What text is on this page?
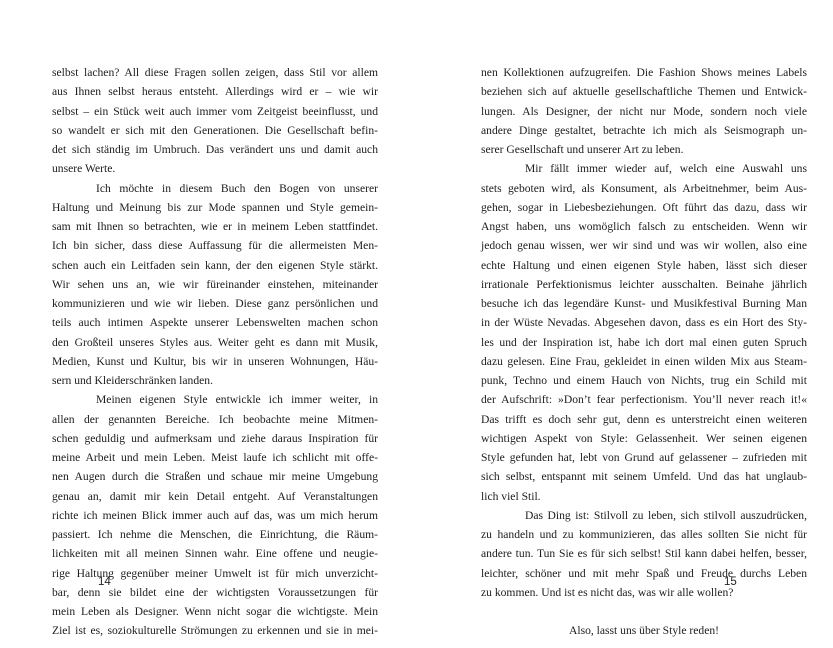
selbst lachen? All diese Fragen sollen zeigen, dass Stil vor allem
aus Ihnen selbst heraus entsteht. Allerdings wird er – wie wir
selbst – ein Stück weit auch immer vom Zeitgeist beeinflusst, und
so wandelt er sich mit den Generationen. Die Gesellschaft befin-
det sich ständig im Umbruch. Das verändert uns und damit auch
unsere Werte.
Ich möchte in diesem Buch den Bogen von unserer
Haltung und Meinung bis zur Mode spannen und Style gemein-
sam mit Ihnen so betrachten, wie er in meinem Leben stattfindet.
Ich bin sicher, dass diese Auffassung für die allermeisten Men-
schen auch ein Leitfaden sein kann, der den eigenen Style stärkt.
Wir sehen uns an, wie wir füreinander einstehen, miteinander
kommunizieren und wie wir lieben. Diese ganz persönlichen und
teils auch intimen Aspekte unserer Lebenswelten machen schon
den Großteil unseres Styles aus. Weiter geht es dann mit Musik,
Medien, Kunst und Kultur, bis wir in unseren Wohnungen, Häu-
sern und Kleiderschränken landen.
Meinen eigenen Style entwickle ich immer weiter, in
allen der genannten Bereiche. Ich beobachte meine Mitmen-
schen geduldig und aufmerksam und ziehe daraus Inspiration für
meine Arbeit und mein Leben. Meist laufe ich schlicht mit offe-
nen Augen durch die Straßen und schaue mir meine Umgebung
genau an, damit mir kein Detail entgeht. Auf Veranstaltungen
richte ich meinen Blick immer auch auf das, was um mich herum
passiert. Ich nehme die Menschen, die Einrichtung, die Räum-
lichkeiten mit all meinen Sinnen wahr. Eine offene und neugie-
rige Haltung gegenüber meiner Umwelt ist für mich unverzicht-
bar, denn sie bildet eine der wichtigsten Voraussetzungen für
mein Leben als Designer. Wenn nicht sogar die wichtigste. Mein
Ziel ist es, soziokulturelle Strömungen zu erkennen und sie in mei-
14
nen Kollektionen aufzugreifen. Die Fashion Shows meines Labels
beziehen sich auf aktuelle gesellschaftliche Themen und Entwick-
lungen. Als Designer, der nicht nur Mode, sondern noch viele
andere Dinge gestaltet, betrachte ich mich als Seismograph un-
serer Gesellschaft und unserer Art zu leben.
Mir fällt immer wieder auf, welch eine Auswahl uns
stets geboten wird, als Konsument, als Arbeitnehmer, beim Aus-
gehen, sogar in Liebesbeziehungen. Oft führt das dazu, dass wir
Angst haben, uns womöglich falsch zu entscheiden. Wenn wir
jedoch genau wissen, wer wir sind und was wir wollen, also eine
echte Haltung und einen eigenen Style haben, lässt sich dieser
irrationale Perfektionismus leichter ausschalten. Beinahe jährlich
besuche ich das legendäre Kunst- und Musikfestival Burning Man
in der Wüste Nevadas. Abgesehen davon, dass es ein Hort des Sty-
les und der Inspiration ist, habe ich dort mal einen guten Spruch
dazu gelesen. Eine Frau, gekleidet in einen wilden Mix aus Steam-
punk, Techno und einem Hauch von Nichts, trug ein Schild mit
der Aufschrift: »Don’t fear perfectionism. You’ll never reach it!«
Das trifft es doch sehr gut, denn es unterstreicht einen weiteren
wichtigen Aspekt von Style: Gelassenheit. Wer seinen eigenen
Style gefunden hat, lebt von Grund auf gelassener – zufrieden mit
sich selbst, entspannt mit seinem Umfeld. Und das hat unglaub-
lich viel Stil.
Das Ding ist: Stilvoll zu leben, sich stilvoll auszudrücken,
zu handeln und zu kommunizieren, das alles sollten Sie nicht für
andere tun. Tun Sie es für sich selbst! Stil kann dabei helfen, besser,
leichter, schöner und mit mehr Spaß und Freude durchs Leben
zu kommen. Und ist es nicht das, was wir alle wollen?
Also, lasst uns über Style reden!
15
